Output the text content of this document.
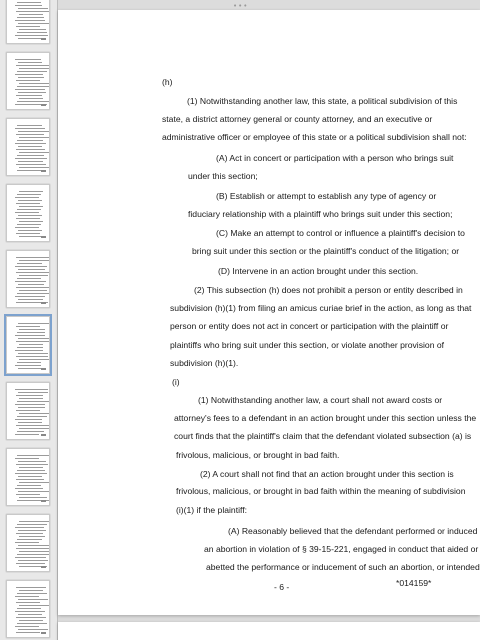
•••
(h)
(1) Notwithstanding another law, this state, a political subdivision of this
state, a district attorney general or county attorney, and an executive or
administrative officer or employee of this state or a political subdivision shall not:
(A) Act in concert or participation with a person who brings suit
under this section;
(B) Establish or attempt to establish any type of agency or
fiduciary relationship with a plaintiff who brings suit under this section;
(C) Make an attempt to control or influence a plaintiff's decision to
bring suit under this section or the plaintiff's conduct of the litigation; or
(D) Intervene in an action brought under this section.
(2) This subsection (h) does not prohibit a person or entity described in
subdivision (h)(1) from filing an amicus curiae brief in the action, as long as that
person or entity does not act in concert or participation with the plaintiff or
plaintiffs who bring suit under this section, or violate another provision of
subdivision (h)(1).
(i)
(1) Notwithstanding another law, a court shall not award costs or
attorney's fees to a defendant in an action brought under this section unless the
court finds that the plaintiff's claim that the defendant violated subsection (a) is
frivolous, malicious, or brought in bad faith.
(2) A court shall not find that an action brought under this section is
frivolous, malicious, or brought in bad faith within the meaning of subdivision
(i)(1) if the plaintiff:
(A) Reasonably believed that the defendant performed or induced
an abortion in violation of § 39-15-221, engaged in conduct that aided or
abetted the performance or inducement of such an abortion, or intended
- 6 -	*014159*
